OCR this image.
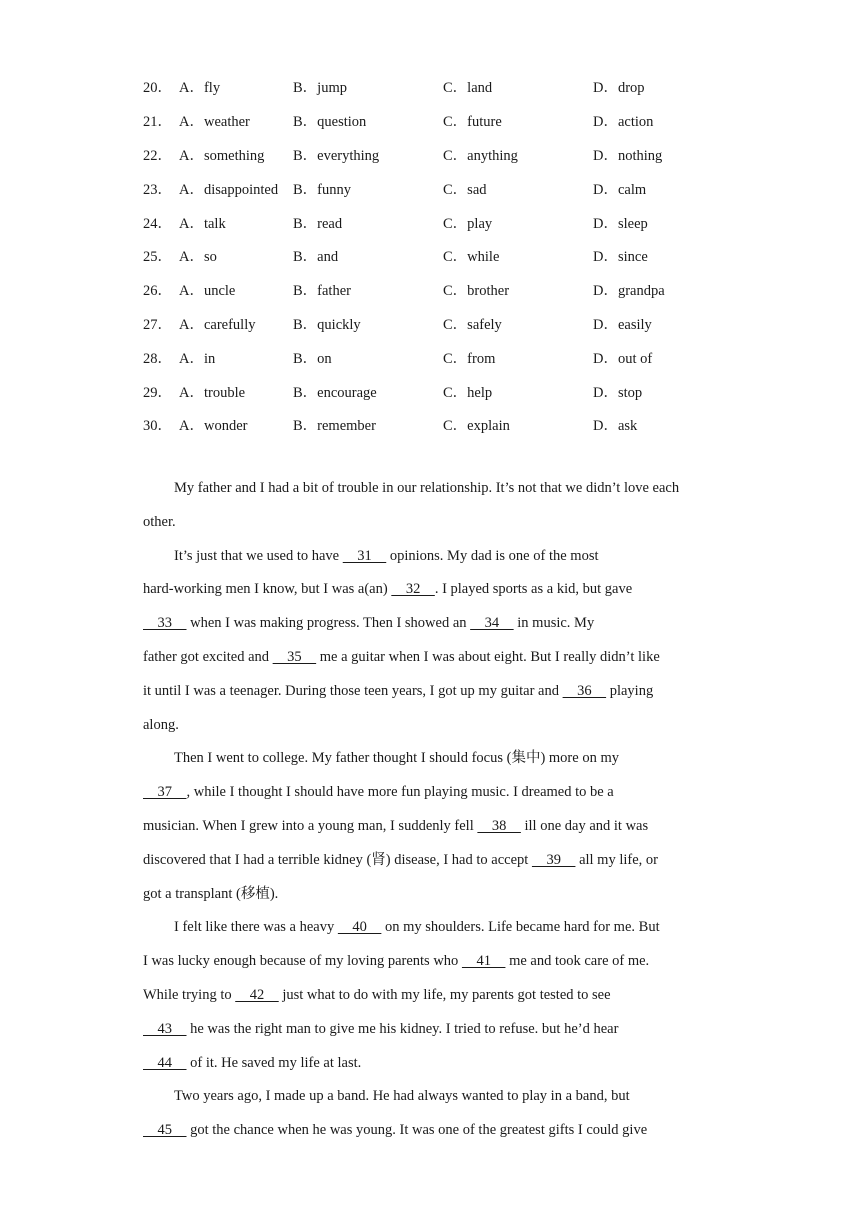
20． A．fly	B．jump	C．land	D．drop
21． A．weather	B．question	C．future	D．action
22． A．something	B．everything	C．anything	D．nothing
23． A．disappointed	B．funny	C．sad	D．calm
24． A．talk	B．read	C．play	D．sleep
25． A．so	B．and	C．while	D．since
26． A．uncle	B．father	C．brother	D．grandpa
27． A．carefully	B．quickly	C．safely	D．easily
28． A．in	B．on	C．from	D．out of
29． A．trouble	B．encourage	C．help	D．stop
30． A．wonder	B．remember	C．explain	D．ask
My father and I had a bit of trouble in our relationship. It’s not that we didn’t love each
other.
It’s just that we used to have     31     opinions. My dad is one of the most
hard-working men I know, but I was a(an)     32    . I played sports as a kid, but gave
33     when I was making progress. Then I showed an     34     in music. My
father got excited and     35     me a guitar when I was about eight. But I really didn’t like
it until I was a teenager. During those teen years, I got up my guitar and     36     playing
along.
Then I went to college. My father thought I should focus (集中) more on my
37    , while I thought I should have more fun playing music. I dreamed to be a
musician. When I grew into a young man, I suddenly fell     38     ill one day and it was
discovered that I had a terrible kidney (肾) disease, I had to accept     39     all my life, or
got a transplant (移植).
I felt like there was a heavy     40     on my shoulders. Life became hard for me. But
I was lucky enough because of my loving parents who     41     me and took care of me.
While trying to     42     just what to do with my life, my parents got tested to see
43     he was the right man to give me his kidney. I tried to refuse. but he’d hear
44     of it. He saved my life at last.
Two years ago, I made up a band. He had always wanted to play in a band, but
45     got the chance when he was young. It was one of the greatest gifts I could give
